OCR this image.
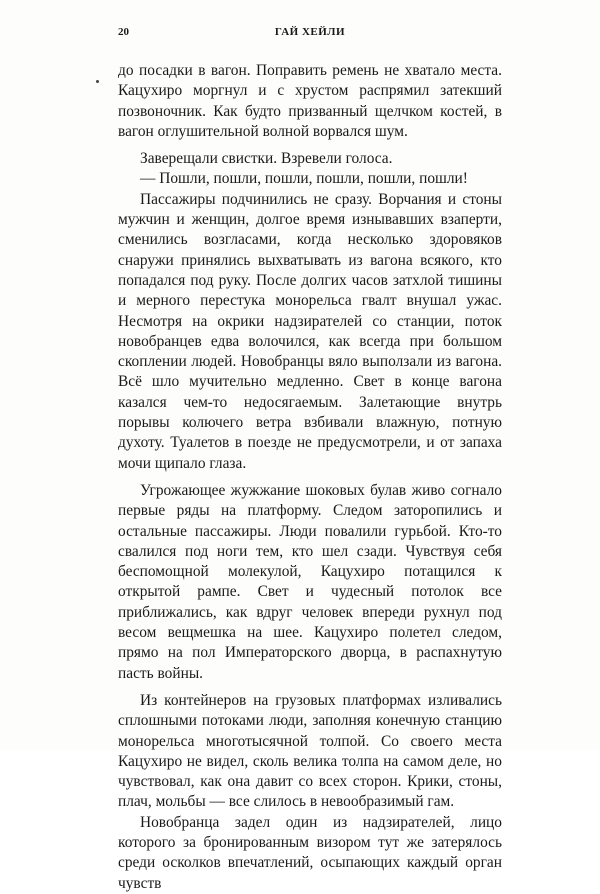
20	ГАЙ ХЕЙЛИ

до посадки в вагон. Поправить ремень не хватало места. Кацухиро моргнул и с хрустом распрямил затекший позвоночник. Как будто призванный щелчком костей, в вагон оглушительной волной ворвался шум.

Заверещали свистки. Взревели голоса.

— Пошли, пошли, пошли, пошли, пошли, пошли!

Пассажиры подчинились не сразу. Ворчания и стоны мужчин и женщин, долгое время изнывавших взаперти, сменились возгласами, когда несколько здоровяков снаружи принялись выхватывать из вагона всякого, кто попадался под руку. После долгих часов затхлой тишины и мерного перестука монорельса гвалт внушал ужас. Несмотря на окрики надзирателей со станции, поток новобранцев едва волочился, как всегда при большом скоплении людей. Новобранцы вяло выползали из вагона. Всё шло мучительно медленно. Свет в конце вагона казался чем-то недосягаемым. Залетающие внутрь порывы колючего ветра взбивали влажную, потную духоту. Туалетов в поезде не предусмотрели, и от запаха мочи щипало глаза.

Угрожающее жужжание шоковых булав живо согнало первые ряды на платформу. Следом заторопились и остальные пассажиры. Люди повалили гурьбой. Кто-то свалился под ноги тем, кто шел сзади. Чувствуя себя беспомощной молекулой, Кацухиро потащился к открытой рампе. Свет и чудесный потолок все приближались, как вдруг человек впереди рухнул под весом вещмешка на шее. Кацухиро полетел следом, прямо на пол Императорского дворца, в распахнутую пасть войны.

Из контейнеров на грузовых платформах изливались сплошными потоками люди, заполняя конечную станцию монорельса многотысячной толпой. Со своего места Кацухиро не видел, сколь велика толпа на самом деле, но чувствовал, как она давит со всех сторон. Крики, стоны, плач, мольбы — все слилось в невообразимый гам.

Новобранца задел один из надзирателей, лицо которого за бронированным визором тут же затерялось среди осколков впечатлений, осыпающих каждый орган чувств
